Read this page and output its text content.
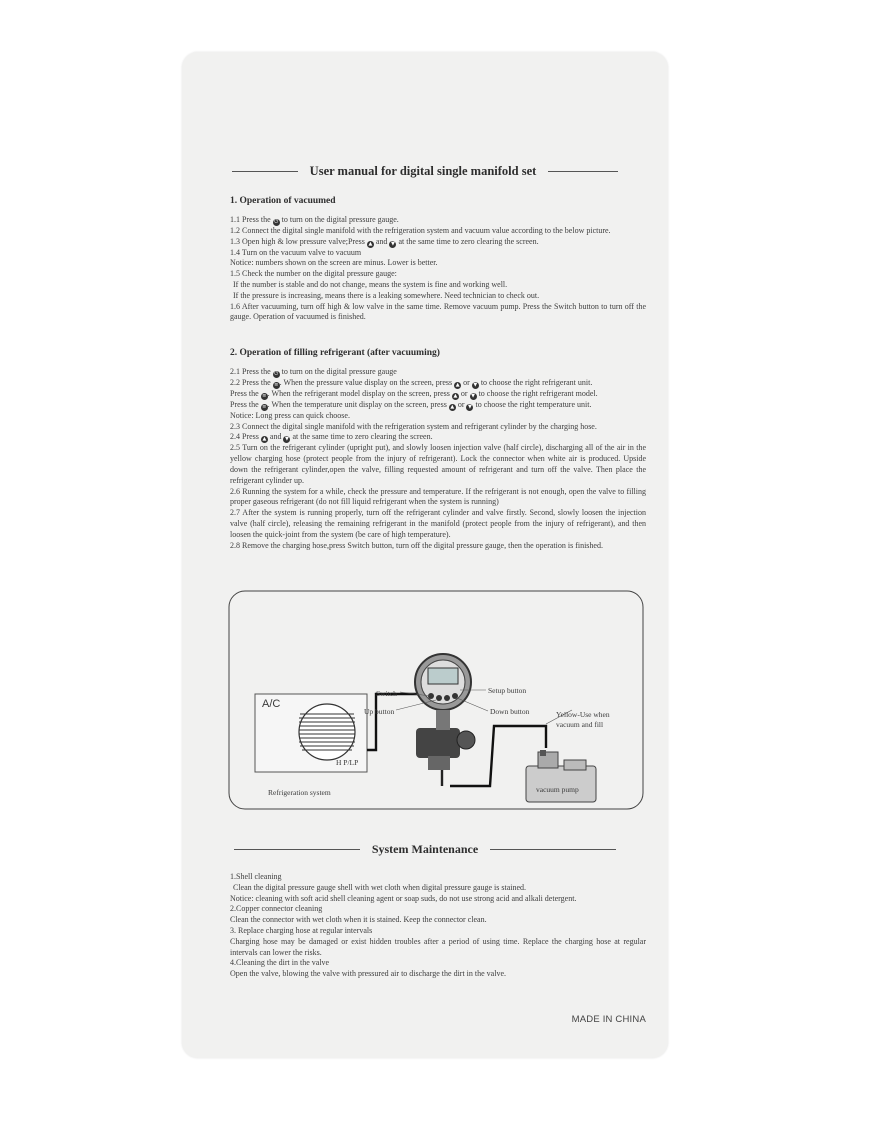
User manual for digital single manifold set
1. Operation of vacuumed

1.1 Press the ⏻ to turn on the digital pressure gauge.

1.2 Connect the digital single manifold with the refrigeration system and vacuum value according to the below picture.

1.3 Open high & low pressure valve;Press ▲ and ▼ at the same time to zero clearing the screen.

1.4 Turn on the vacuum valve to vacuum

Notice: numbers shown on the screen are minus. Lower is better.

1.5 Check the number on the digital pressure gauge:

If the number is stable and do not change, means the system is fine and working well.

If the pressure is increasing, means there is a leaking somewhere. Need technician to check out.

1.6 After vacuuming, turn off high & low valve in the same time. Remove vacuum pump. Press the Switch button to turn off the gauge. Operation of vacuumed is finished.

2. Operation of filling refrigerant (after vacuuming)

2.1 Press the ⏻ to turn on the digital pressure gauge

2.2 Press the ≡. When the pressure value display on the screen, press ▲ or ▼ to choose the right refrigerant unit.

Press the ≡. When the refrigerant model display on the screen, press ▲ or ▼ to choose the right refrigerant model.

Press the ≡. When the temperature unit display on the screen, press ▲ or ▼ to choose the right temperature unit.

Notice: Long press can quick choose.

2.3 Connect the digital single manifold with the refrigeration system and refrigerant cylinder by the charging hose.

2.4 Press ▲ and ▼ at the same time to zero clearing the screen.

2.5 Turn on the refrigerant cylinder (upright put), and slowly loosen injection valve (half circle), discharging all of the air in the yellow charging hose (protect people from the injury of refrigerant). Lock the connector when white air is produced. Upside down the refrigerant cylinder,open the valve, filling requested amount of refrigerant and turn off the valve. Then place the refrigerant cylinder up.

2.6 Running the system for a while, check the pressure and temperature. If the refrigerant is not enough, open the valve to filling proper gaseous refrigerant (do not fill liquid refrigerant when the system is running)

2.7 After the system is running properly, turn off the refrigerant cylinder and valve firstly. Second, slowly loosen the injection valve (half circle), releasing the remaining refrigerant in the manifold (protect people from the injury of refrigerant), and then loosen the quick-joint from the system (be care of high temperature).

2.8 Remove the charging hose,press Switch button, turn off the digital pressure gauge, then the operation is finished.

Switch
Up button
Setup button
Down button	Yellow-Use when
vacuum and fill
A/C
H P/LP
Refrigeration system	vacuum pump
System Maintenance

1.Shell cleaning

Clean the digital pressure gauge shell with wet cloth when digital pressure gauge is stained.

Notice: cleaning with soft acid shell cleaning agent or soap suds, do not use strong acid and alkali detergent.

2.Copper connector cleaning

Clean the connector with wet cloth when it is stained. Keep the connector clean.

3. Replace charging hose at regular intervals

Charging hose may be damaged or exist hidden troubles after a period of using time. Replace the charging hose at regular intervals can lower the risks.

4.Cleaning the dirt in the valve

Open the valve, blowing the valve with pressured air to discharge the dirt in the valve.

MADE IN CHINA
